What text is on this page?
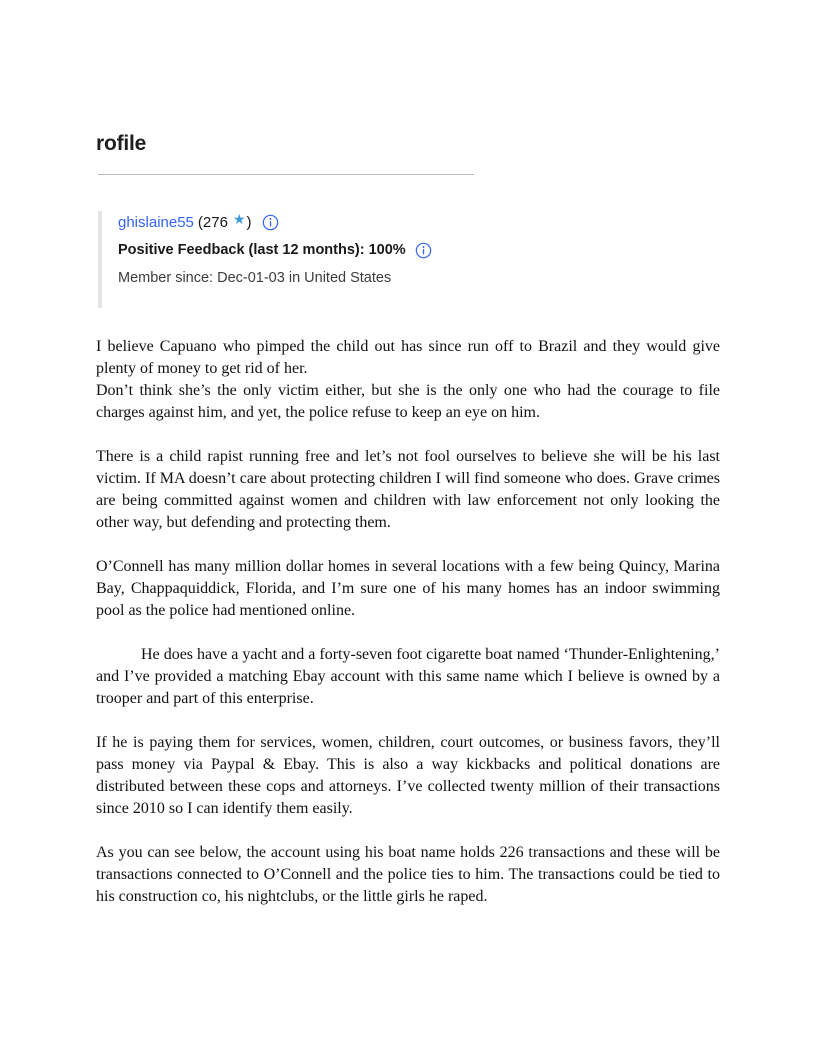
rofile
ghislaine55 (276 ★ )
Positive Feedback (last 12 months): 100%
Member since: Dec-01-03 in United States

I believe Capuano who pimped the child out has since run off to Brazil and they would give plenty of money to get rid of her.

Don’t think she’s the only victim either, but she is the only one who had the courage to file charges against him, and yet, the police refuse to keep an eye on him.

There is a child rapist running free and let’s not fool ourselves to believe she will be his last victim. If MA doesn’t care about protecting children I will find someone who does. Grave crimes are being committed against women and children with law enforcement not only looking the other way, but defending and protecting them.

O’Connell has many million dollar homes in several locations with a few being Quincy, Marina Bay, Chappaquiddick, Florida, and I’m sure one of his many homes has an indoor swimming pool as the police had mentioned online.

He does have a yacht and a forty-seven foot cigarette boat named ‘Thunder-Enlightening,’ and I’ve provided a matching Ebay account with this same name which I believe is owned by a trooper and part of this enterprise.

If he is paying them for services, women, children, court outcomes, or business favors, they’ll pass money via Paypal & Ebay. This is also a way kickbacks and political donations are distributed between these cops and attorneys. I’ve collected twenty million of their transactions since 2010 so I can identify them easily.

As you can see below, the account using his boat name holds 226 transactions and these will be transactions connected to O’Connell and the police ties to him. The transactions could be tied to his construction co, his nightclubs, or the little girls he raped.
